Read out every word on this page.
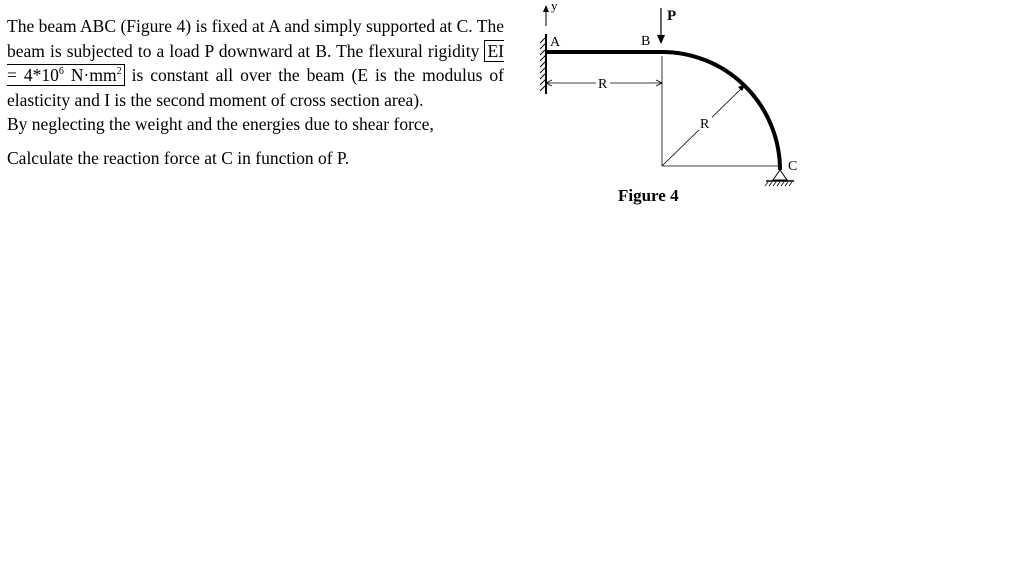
The beam ABC (Figure 4) is fixed at A and simply supported at C. The beam is subjected to a load P downward at B. The flexural rigidity EI = $4*10^6$ $N\cdot mm^2$ is constant all over the beam (E is the modulus of elasticity and I is the second moment of cross section area).

By neglecting the weight and the energies due to shear force,

Calculate the reaction force at C in function of P.

y
A	B
P
R
R
C
Figure 4
